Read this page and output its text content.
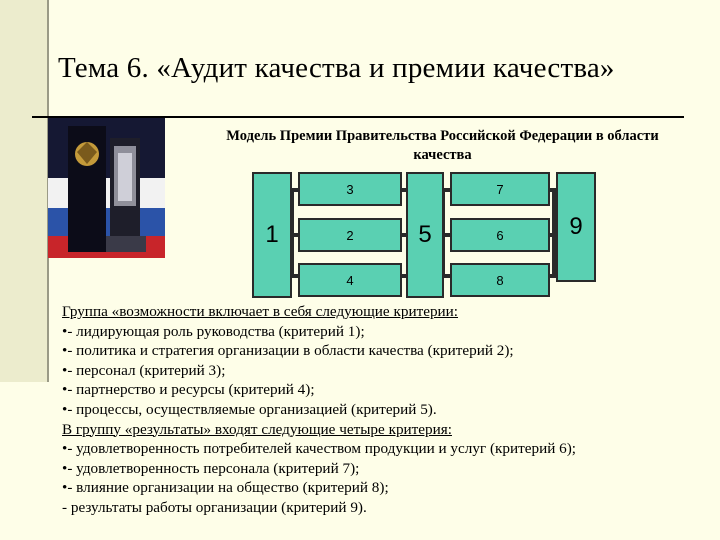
Тема 6. «Аудит качества и премии качества»
Модель Премии Правительства Российской Федерации в области качества
1
3
2
4
5
7
6
8
9
Группа «возможности включает в себя следующие критерии:
•- лидирующая роль руководства (критерий 1);
•- политика и стратегия организации в области качества (критерий 2);
•- персонал (критерий 3);
•- партнерство и ресурсы (критерий 4);
•- процессы, осуществляемые организацией (критерий 5).
В группу «результаты» входят следующие четыре критерия:
•- удовлетворенность потребителей качеством продукции и услуг (критерий 6);
•- удовлетворенность персонала (критерий 7);
•- влияние организации на общество (критерий 8);
- результаты работы организации (критерий 9).
